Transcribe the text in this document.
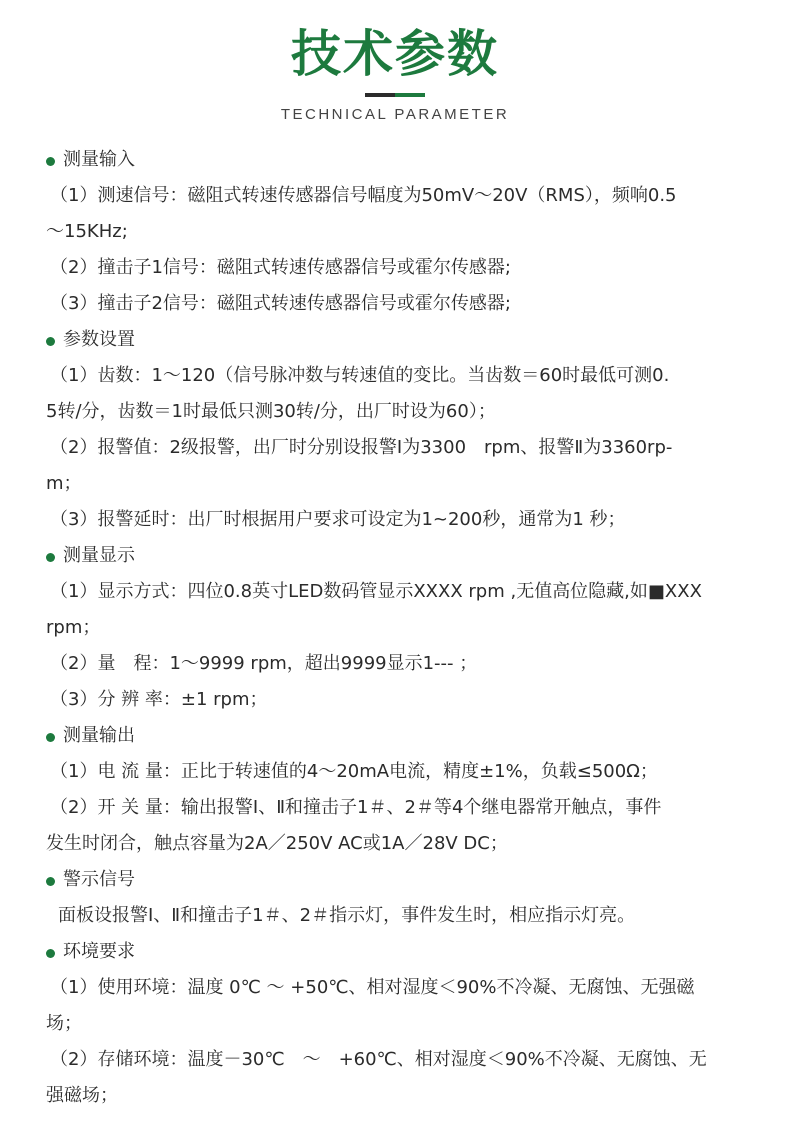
技术参数
TECHNICAL PARAMETER
测量输入
（1）测速信号：磁阻式转速传感器信号幅度为50mV～20V（RMS），频响0.5
～15KHz;
（2）撞击子1信号：磁阻式转速传感器信号或霍尔传感器;
（3）撞击子2信号：磁阻式转速传感器信号或霍尔传感器;
参数设置
（1）齿数：1～120（信号脉冲数与转速值的变比。当齿数＝60时最低可测0.
5转/分，齿数＝1时最低只测30转/分，出厂时设为60）；
（2）报警值：2级报警，出厂时分别设报警Ⅰ为3300　rpm、报警Ⅱ为3360rp-
m；
（3）报警延时：出厂时根据用户要求可设定为1~200秒，通常为1 秒；
测量显示
（1）显示方式：四位0.8英寸LED数码管显示XXXX rpm ,无值高位隐藏,如■XXX
rpm；
（2）量　程：1～9999 rpm，超出9999显示1--- ；
（3）分 辨 率：±1 rpm；
测量输出
（1）电 流 量：正比于转速值的4～20mA电流，精度±1%，负载≤500Ω；
（2）开 关 量：输出报警Ⅰ、Ⅱ和撞击子1＃、2＃等4个继电器常开触点，事件
发生时闭合，触点容量为2A／250V AC或1A／28V DC；
警示信号
面板设报警Ⅰ、Ⅱ和撞击子1＃、2＃指示灯，事件发生时，相应指示灯亮。
环境要求
（1）使用环境：温度 0℃ ～ +50℃、相对湿度＜90%不冷凝、无腐蚀、无强磁
场；
（2）存储环境：温度－30℃　～　+60℃、相对湿度＜90%不冷凝、无腐蚀、无
强磁场；
